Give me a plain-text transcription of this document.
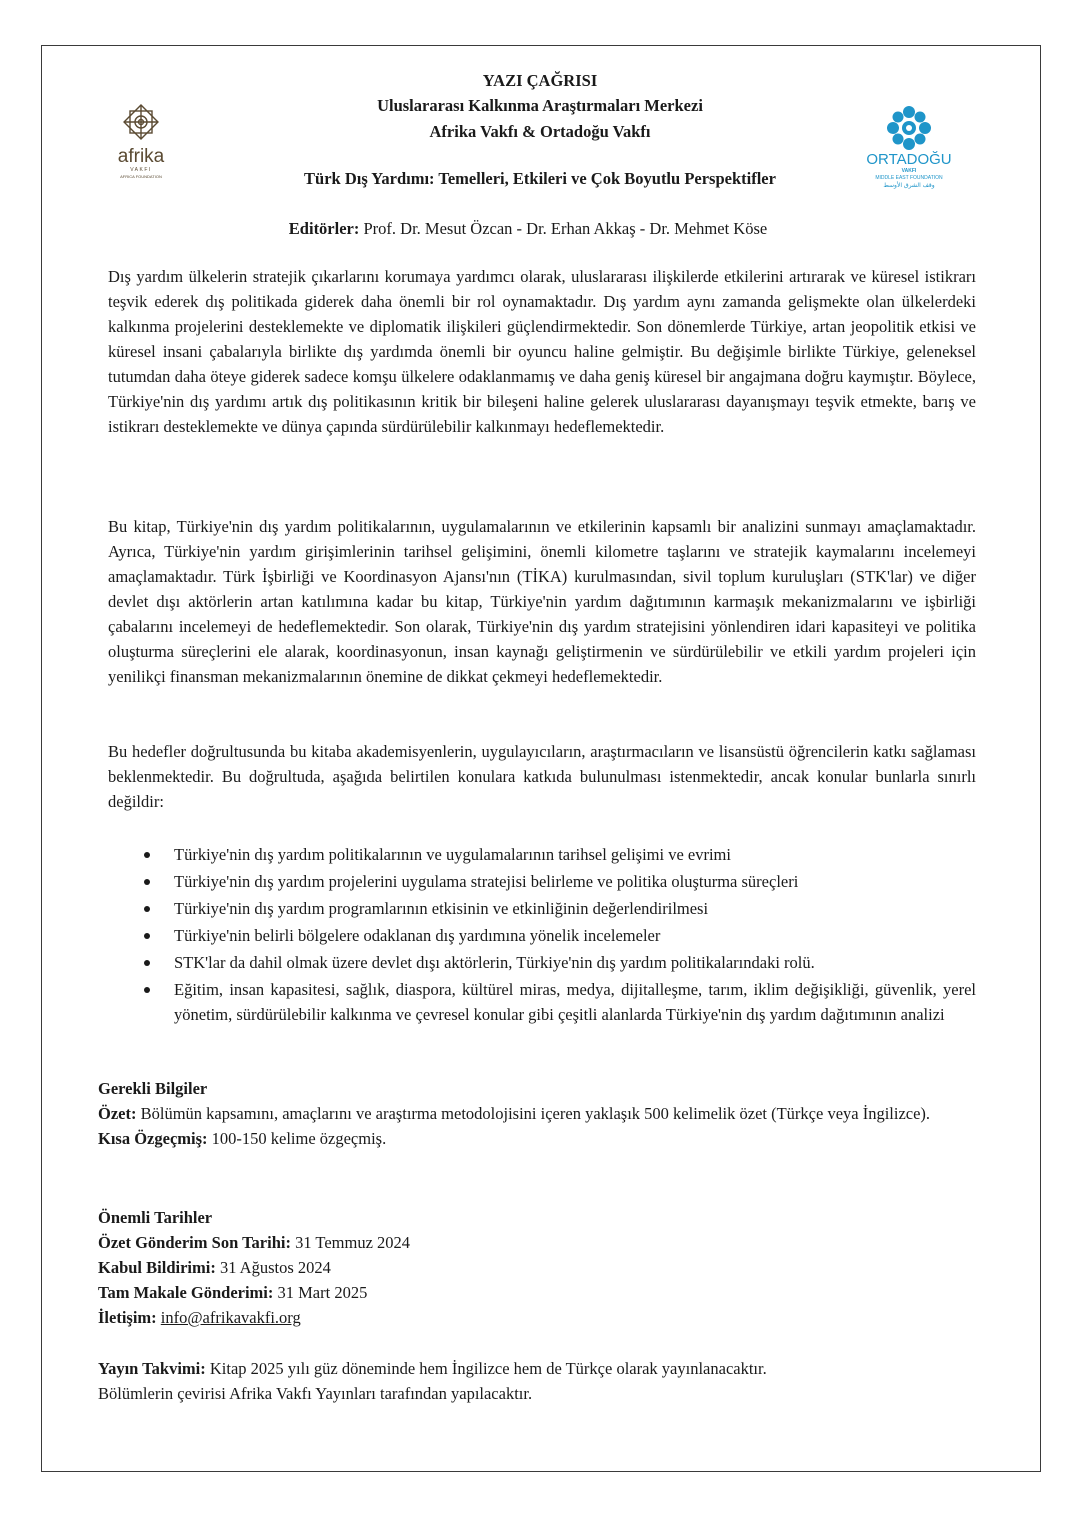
YAZI ÇAĞRISI
Uluslararası Kalkınma Araştırmaları Merkezi
Afrika Vakfı & Ortadoğu Vakfı
Türk Dış Yardımı: Temelleri, Etkileri ve Çok Boyutlu Perspektifler
Editörler: Prof. Dr. Mesut Özcan - Dr. Erhan Akkaş - Dr. Mehmet Köse
afrika
VAKFI
AFRICA FOUNDATION
ORTADOĞU
VAKFI
MIDDLE EAST FOUNDATION
وقف الشرق الأوسط

Dış yardım ülkelerin stratejik çıkarlarını korumaya yardımcı olarak, uluslararası ilişkilerde etkilerini artırarak ve küresel istikrarı teşvik ederek dış politikada giderek daha önemli bir rol oynamaktadır. Dış yardım aynı zamanda gelişmekte olan ülkelerdeki kalkınma projelerini desteklemekte ve diplomatik ilişkileri güçlendirmektedir. Son dönemlerde Türkiye, artan jeopolitik etkisi ve küresel insani çabalarıyla birlikte dış yardımda önemli bir oyuncu haline gelmiştir. Bu değişimle birlikte Türkiye, geleneksel tutumdan daha öteye giderek sadece komşu ülkelere odaklanmamış ve daha geniş küresel bir angajmana doğru kaymıştır. Böylece, Türkiye'nin dış yardımı artık dış politikasının kritik bir bileşeni haline gelerek uluslararası dayanışmayı teşvik etmekte, barış ve istikrarı desteklemekte ve dünya çapında sürdürülebilir kalkınmayı hedeflemektedir.

Bu kitap, Türkiye'nin dış yardım politikalarının, uygulamalarının ve etkilerinin kapsamlı bir analizini sunmayı amaçlamaktadır. Ayrıca, Türkiye'nin yardım girişimlerinin tarihsel gelişimini, önemli kilometre taşlarını ve stratejik kaymalarını incelemeyi amaçlamaktadır. Türk İşbirliği ve Koordinasyon Ajansı'nın (TİKA) kurulmasından, sivil toplum kuruluşları (STK'lar) ve diğer devlet dışı aktörlerin artan katılımına kadar bu kitap, Türkiye'nin yardım dağıtımının karmaşık mekanizmalarını ve işbirliği çabalarını incelemeyi de hedeflemektedir. Son olarak, Türkiye'nin dış yardım stratejisini yönlendiren idari kapasiteyi ve politika oluşturma süreçlerini ele alarak, koordinasyonun, insan kaynağı geliştirmenin ve sürdürülebilir ve etkili yardım projeleri için yenilikçi finansman mekanizmalarının önemine de dikkat çekmeyi hedeflemektedir.

Bu hedefler doğrultusunda bu kitaba akademisyenlerin, uygulayıcıların, araştırmacıların ve lisansüstü öğrencilerin katkı sağlaması beklenmektedir. Bu doğrultuda, aşağıda belirtilen konulara katkıda bulunulması istenmektedir, ancak konular bunlarla sınırlı değildir:

Türkiye'nin dış yardım politikalarının ve uygulamalarının tarihsel gelişimi ve evrimi
Türkiye'nin dış yardım projelerini uygulama stratejisi belirleme ve politika oluşturma süreçleri
Türkiye'nin dış yardım programlarının etkisinin ve etkinliğinin değerlendirilmesi
Türkiye'nin belirli bölgelere odaklanan dış yardımına yönelik incelemeler
STK'lar da dahil olmak üzere devlet dışı aktörlerin, Türkiye'nin dış yardım politikalarındaki rolü.
Eğitim, insan kapasitesi, sağlık, diaspora, kültürel miras, medya, dijitalleşme, tarım, iklim değişikliği, güvenlik, yerel yönetim, sürdürülebilir kalkınma ve çevresel konular gibi çeşitli alanlarda Türkiye'nin dış yardım dağıtımının analizi
Gerekli Bilgiler
Özet: Bölümün kapsamını, amaçlarını ve araştırma metodolojisini içeren yaklaşık 500 kelimelik özet (Türkçe veya İngilizce).
Kısa Özgeçmiş: 100-150 kelime özgeçmiş.
Önemli Tarihler
Özet Gönderim Son Tarihi: 31 Temmuz 2024
Kabul Bildirimi: 31 Ağustos 2024
Tam Makale Gönderimi: 31 Mart 2025
İletişim: info@afrikavakfi.org
Yayın Takvimi: Kitap 2025 yılı güz döneminde hem İngilizce hem de Türkçe olarak yayınlanacaktır.
Bölümlerin çevirisi Afrika Vakfı Yayınları tarafından yapılacaktır.
